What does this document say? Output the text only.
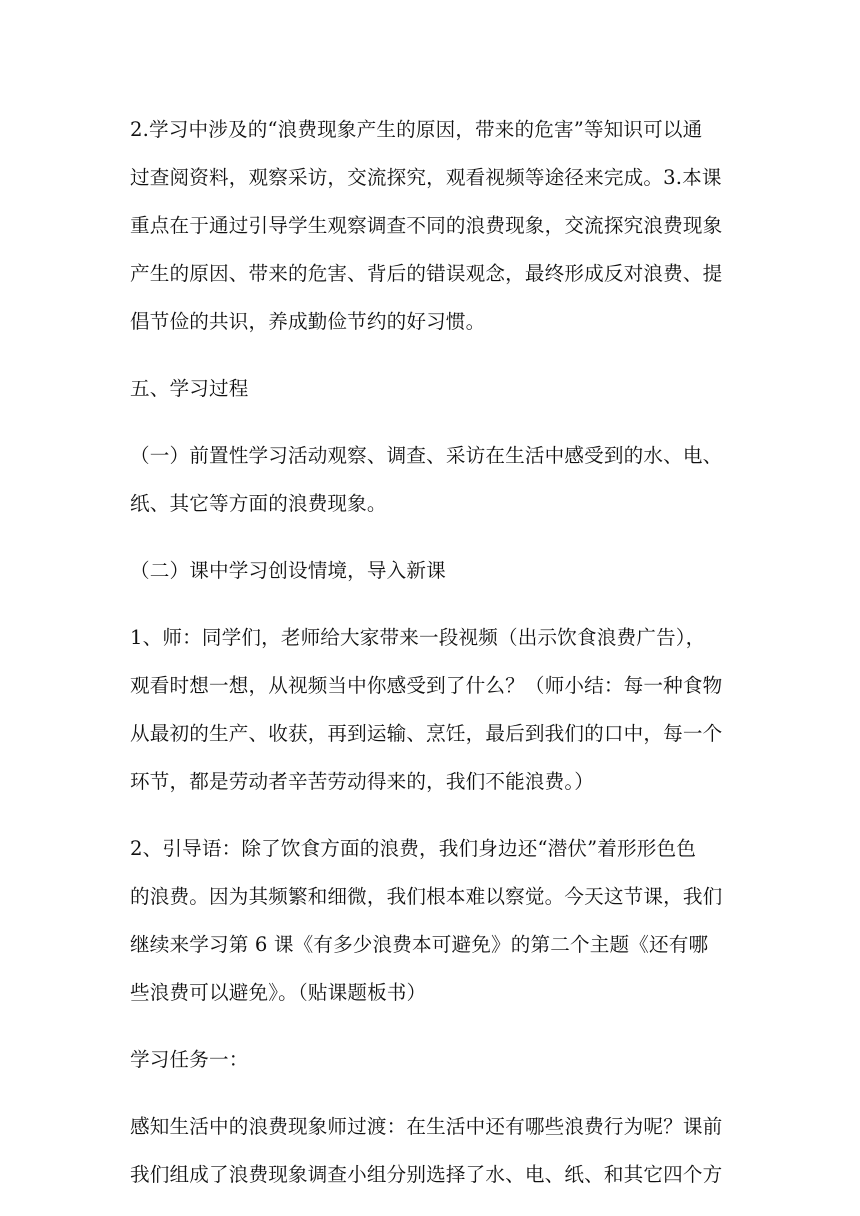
2.学习中涉及的“浪费现象产生的原因，带来的危害”等知识可以通
过查阅资料，观察采访，交流探究，观看视频等途径来完成。3.本课
重点在于通过引导学生观察调查不同的浪费现象，交流探究浪费现象
产生的原因、带来的危害、背后的错误观念，最终形成反对浪费、提
倡节俭的共识，养成勤俭节约的好习惯。
五、学习过程
（一）前置性学习活动观察、调查、采访在生活中感受到的水、电、
纸、其它等方面的浪费现象。
（二）课中学习创设情境，导入新课
1、师：同学们，老师给大家带来一段视频（出示饮食浪费广告），
观看时想一想，从视频当中你感受到了什么？（师小结：每一种食物
从最初的生产、收获，再到运输、烹饪，最后到我们的口中，每一个
环节，都是劳动者辛苦劳动得来的，我们不能浪费。）
2、引导语：除了饮食方面的浪费，我们身边还“潜伏”着形形色色
的浪费。因为其频繁和细微，我们根本难以察觉。今天这节课，我们
继续来学习第 6 课《有多少浪费本可避免》的第二个主题《还有哪
些浪费可以避免》。（贴课题板书）
学习任务一：
感知生活中的浪费现象师过渡：在生活中还有哪些浪费行为呢？课前
我们组成了浪费现象调查小组分别选择了水、电、纸、和其它四个方
